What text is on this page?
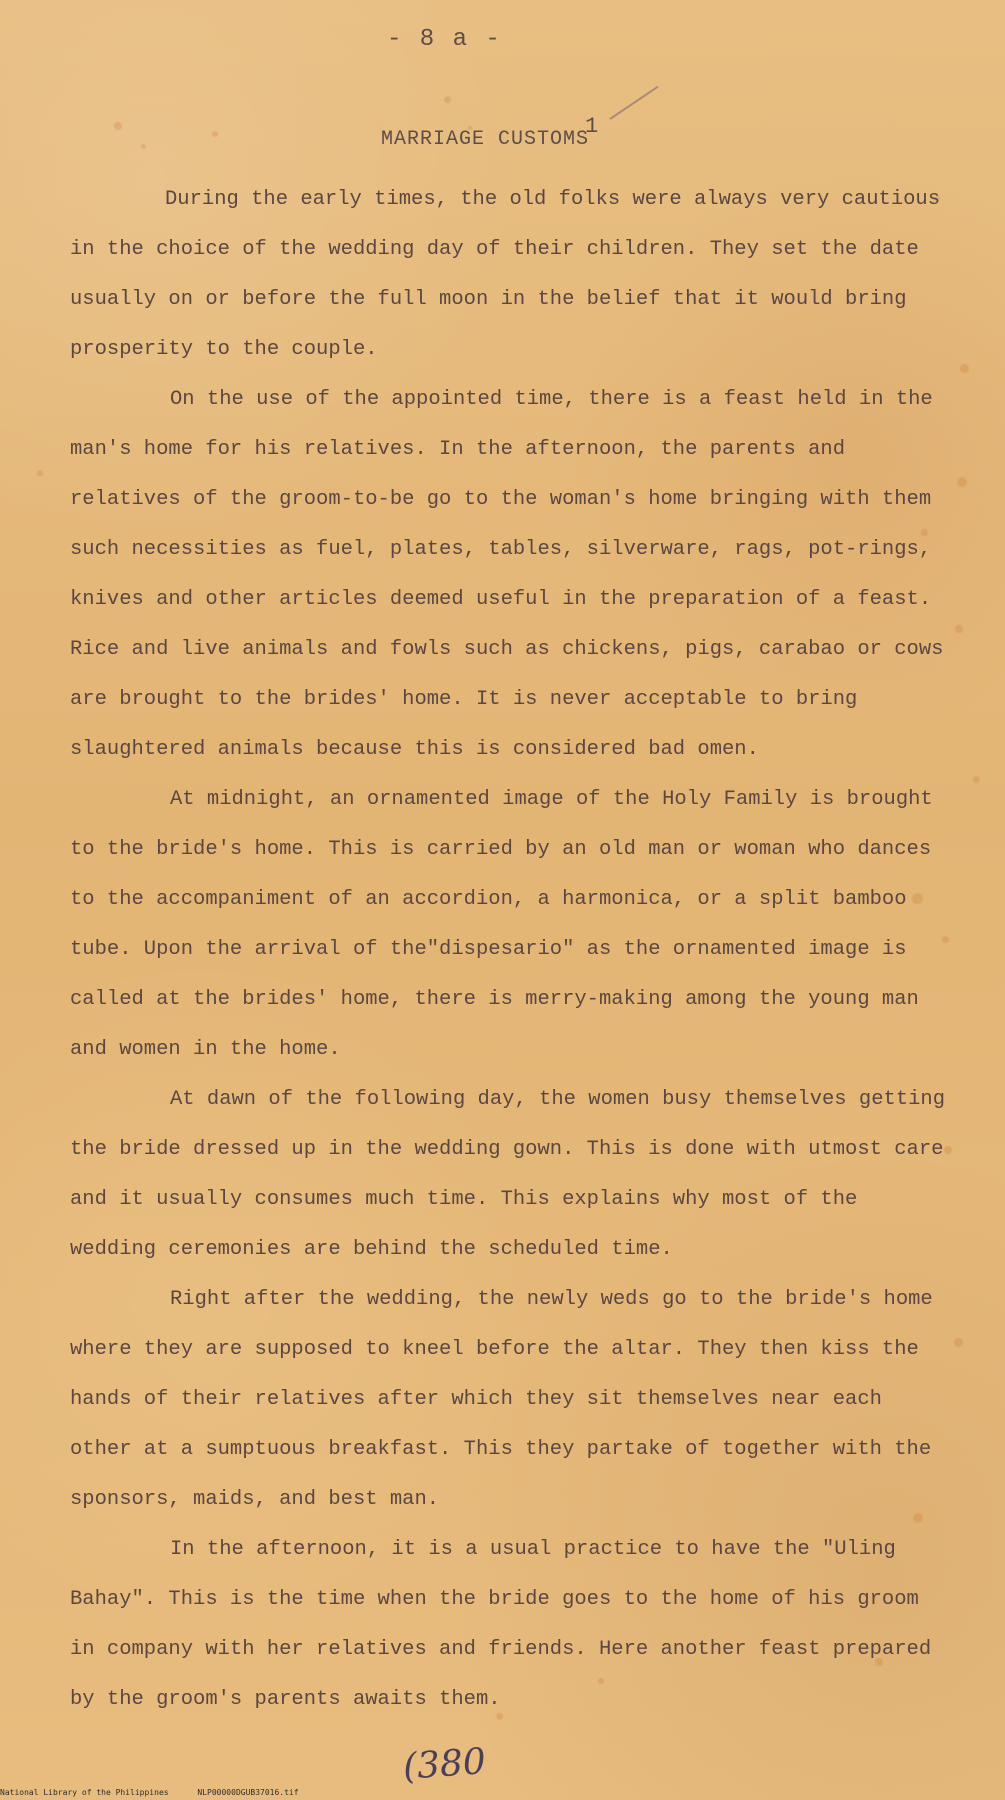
- 8 a -
MARRIAGE CUSTOMS
1

During the early times, the old folks were always very cautious in the choice of the wedding day of their children. They set the date usually on or before the full moon in the belief that it would bring prosperity to the couple.

On the use of the appointed time, there is a feast held in the man's home for his relatives. In the afternoon, the parents and relatives of the groom-to-be go to the woman's home bringing with them such necessities as fuel, plates, tables, silverware, rags, pot-rings, knives and other articles deemed useful in the preparation of a feast. Rice and live animals and fowls such as chickens, pigs, carabao or cows are brought to the brides' home. It is never acceptable to bring slaughtered animals because this is considered bad omen.

At midnight, an ornamented image of the Holy Family is brought to the bride's home. This is carried by an old man or woman who dances to the accompaniment of an accordion, a harmonica, or a split bamboo tube. Upon the arrival of the"dispesario" as the ornamented image is called at the brides' home, there is merry-making among the young man and women in the home.

At dawn of the following day, the women busy themselves getting the bride dressed up in the wedding gown. This is done with utmost care and it usually consumes much time. This explains why most of the wedding ceremonies are behind the scheduled time.

Right after the wedding, the newly weds go to the bride's home where they are supposed to kneel before the altar. They then kiss the hands of their relatives after which they sit themselves near each other at a sumptuous breakfast. This they partake of together with the sponsors, maids, and best man.

In the afternoon, it is a usual practice to have the "Uling Bahay". This is the time when the bride goes to the home of his groom in company with her relatives and friends. Here another feast prepared by the groom's parents awaits them.

(380
National Library of the Philippines	NLP00000DGUB37016.tif
